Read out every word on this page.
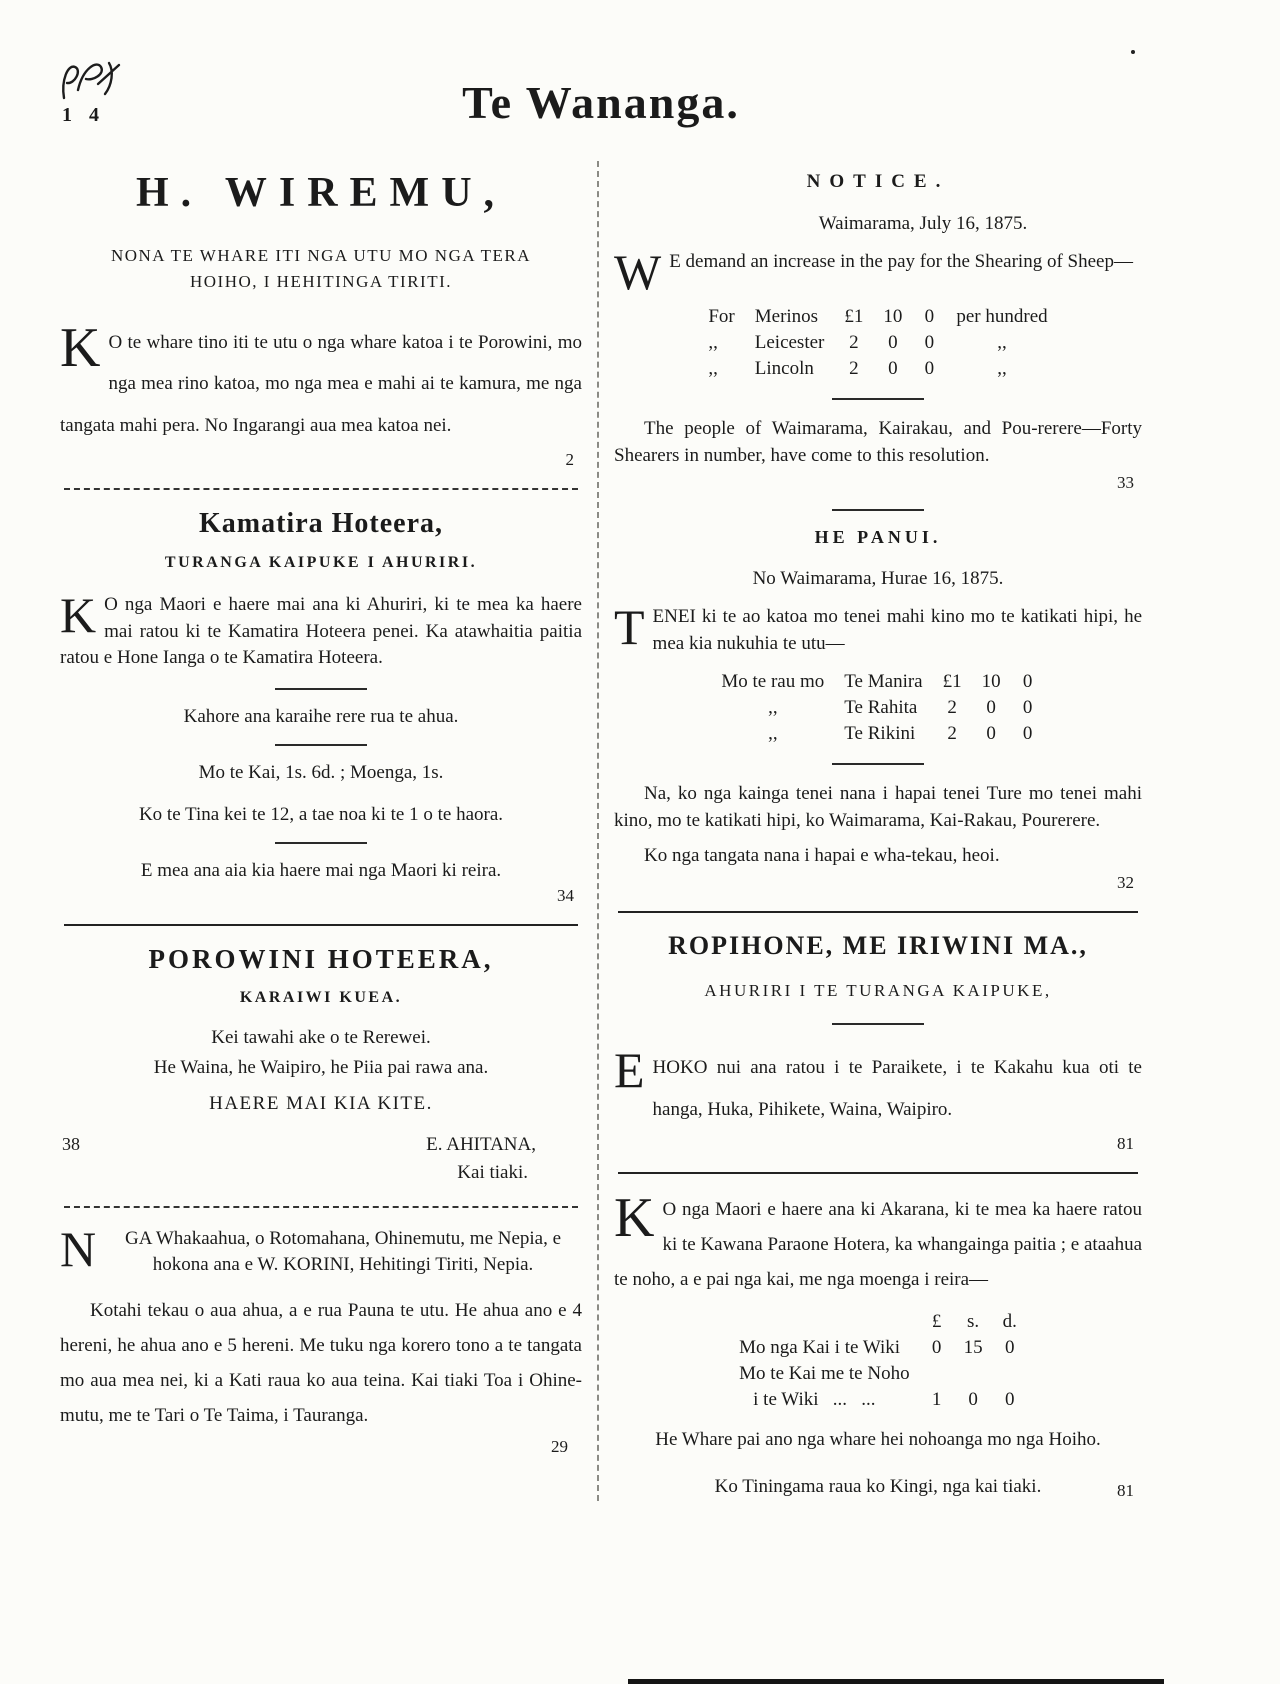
1 4	Te Wananga.
H. WIREMU,
NONA TE WHARE ITI NGA UTU MO NGA TERA
HOIHO, I HEHITINGA TIRITI.

K O te whare tino iti te utu o nga whare katoa i te Porowini, mo nga mea rino katoa, mo nga mea e mahi ai te kamura, me nga tangata mahi pera. No Ingarangi aua mea katoa nei.

2
Kamatira Hoteera,
TURANGA KAIPUKE I AHURIRI.

K O nga Maori e haere mai ana ki Ahuriri, ki te mea ka haere mai ratou ki te Kamatira Hoteera penei. Ka atawhaitia paitia ratou e Hone Ianga o te Kamatira Hoteera.

Kahore ana karaihe rere rua te ahua.
Mo te Kai, 1s. 6d. ; Moenga, 1s.
Ko te Tina kei te 12, a tae noa ki te 1 o te haora.
E mea ana aia kia haere mai nga Maori ki reira.
34
POROWINI HOTEERA,
KARAIWI KUEA.
Kei tawahi ake o te Rerewei.
He Waina, he Waipiro, he Piia pai rawa ana.
HAERE MAI KIA KITE.
38	E. AHITANA,
Kai tiaki.

N	GA Whakaahua, o Rotomahana, Ohinemutu, me Nepia, e hokona ana e W. KORINI, Hehitingi Tiriti, Nepia.

Kotahi tekau o aua ahua, a e rua Pauna te utu. He ahua ano e 4 hereni, he ahua ano e 5 hereni. Me tuku nga korero tono a te tangata mo aua mea nei, ki a Kati raua ko aua teina. Kai tiaki Toa i Ohine-mutu, me te Tari o Te Taima, i Tauranga.

29
NOTICE.
Waimarama, July 16, 1875.

W E demand an increase in the pay for the Shearing of Sheep—

For	Merinos	£1	10	0	per hundred
,,	Leicester	2	0	0	,,
,,	Lincoln	2	0	0	,,

The people of Waimarama, Kairakau, and Pou-rerere—Forty Shearers in number, have come to this resolution.

33
HE PANUI.
No Waimarama, Hurae 16, 1875.

TENEI ki te ao katoa mo tenei mahi kino mo te katikati hipi, he mea kia nukuhia te utu—

Mo te rau mo	Te Manira	£1	10	0
,,	Te Rahita	2	0	0
,,	Te Rikini	2	0	0

Na, ko nga kainga tenei nana i hapai tenei Ture mo tenei mahi kino, mo te katikati hipi, ko Waimarama, Kai-Rakau, Pourerere.

Ko nga tangata nana i hapai e wha-tekau, heoi.

32
ROPIHONE, ME IRIWINI MA.,
AHURIRI I TE TURANGA KAIPUKE,

EHOKO nui ana ratou i te Paraikete, i te Kakahu kua oti te hanga, Huka, Pihikete, Waina, Waipiro.

81

K O nga Maori e haere ana ki Akarana, ki te mea ka haere ratou ki te Kawana Paraone Hotera, ka whangainga paitia ; e ataahua te noho, a e pai nga kai, me nga moenga i reira—

	£	s.	d.
Mo nga Kai i te Wiki	0	15	0
Mo te Kai me te Noho			
i te Wiki   ...   ...	1	0	0

He Whare pai ano nga whare hei nohoanga mo nga Hoiho.

Ko Tiningama raua ko Kingi, nga kai tiaki.	81
